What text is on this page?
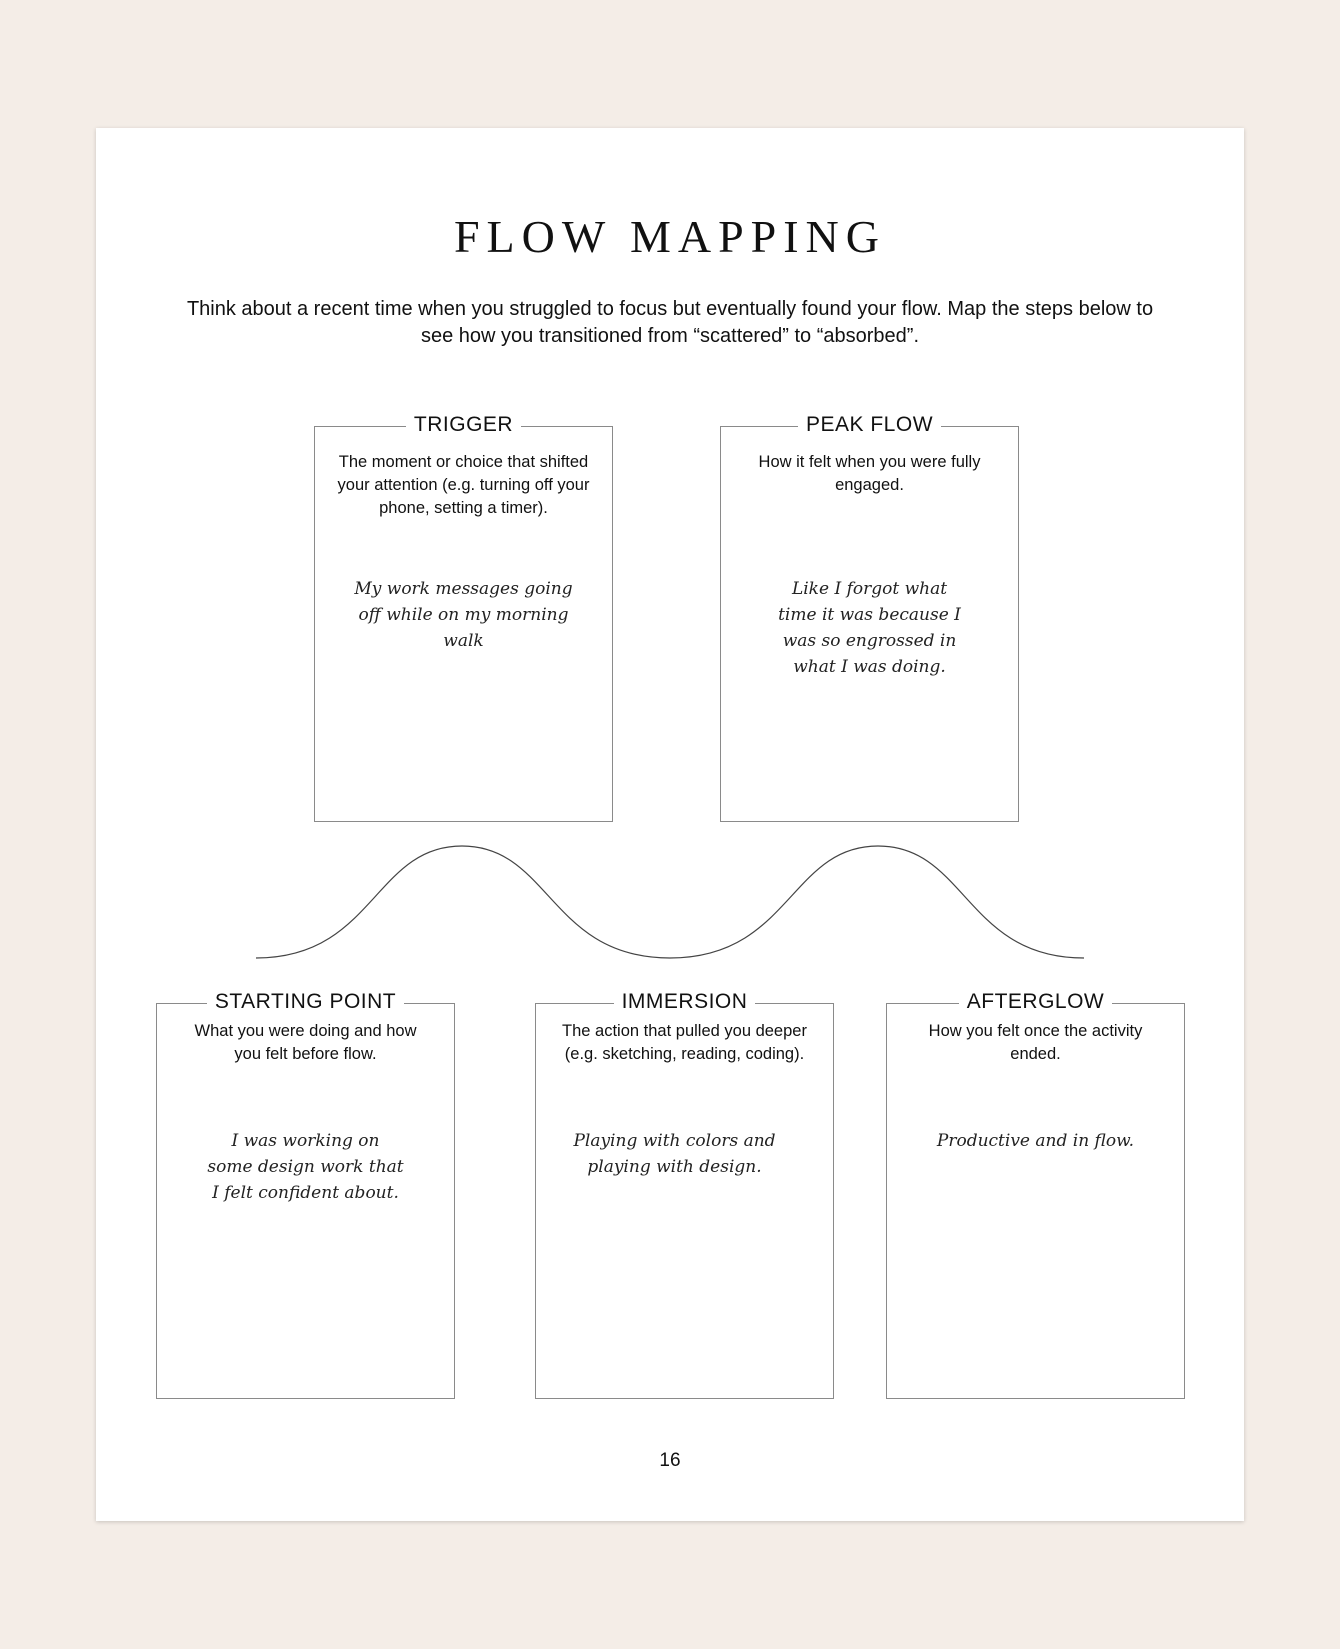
FLOW MAPPING

Think about a recent time when you struggled to focus but eventually found your flow. Map the steps below to see how you transitioned from “scattered” to “absorbed”.

TRIGGER

The moment or choice that shifted your attention (e.g. turning off your phone, setting a timer).

My work messages going off while on my morning walk

PEAK FLOW

How it felt when you were fully engaged.

Like I forgot what time it was because I was so engrossed in what I was doing.

STARTING POINT

What you were doing and how you felt before flow.

I was working on some design work that I felt confident about.

IMMERSION

The action that pulled you deeper (e.g. sketching, reading, coding).

Playing with colors and playing with design.

AFTERGLOW

How you felt once the activity ended.

Productive and in flow.

16
